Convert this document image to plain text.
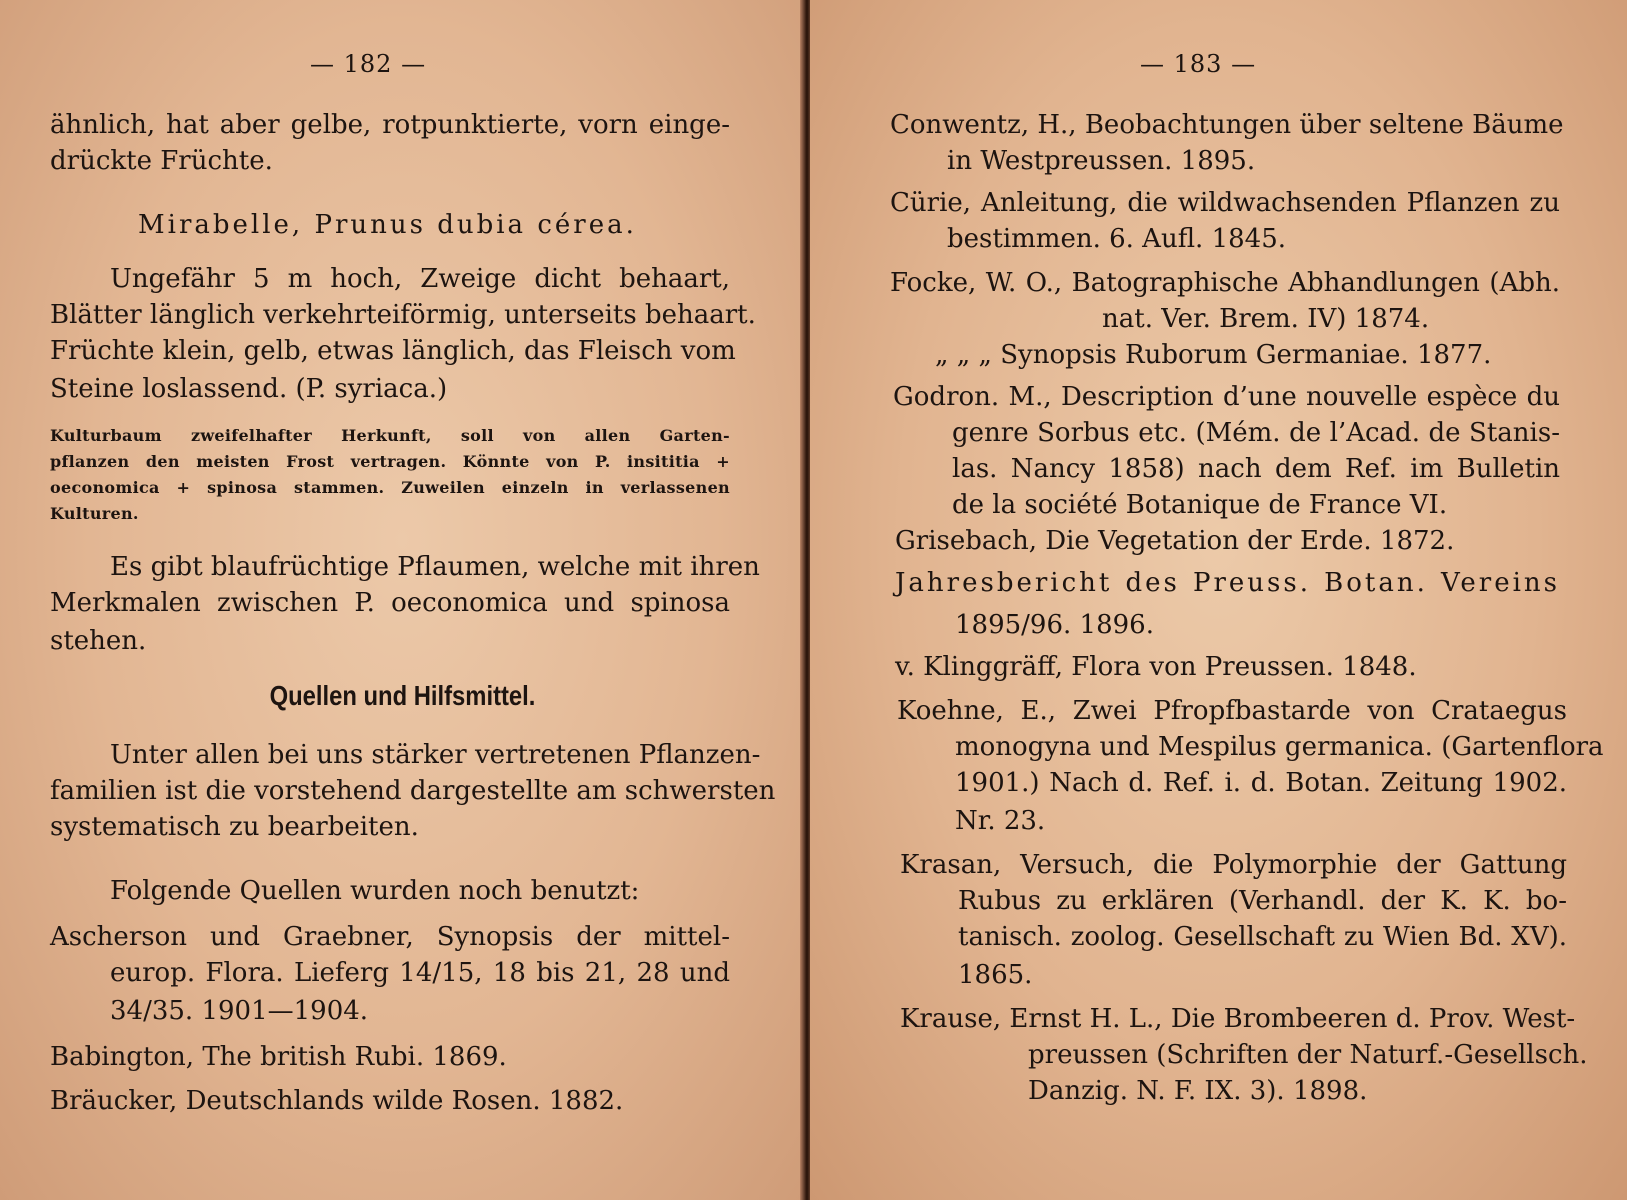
— 182 —
ähnlich, hat aber gelbe, rotpunktierte, vorn einge-
drückte Früchte.
Mirabelle, Prunus dubia cérea.
Ungefähr 5 m hoch, Zweige dicht behaart,
Blätter länglich verkehrteiförmig, unterseits behaart.
Früchte klein, gelb, etwas länglich, das Fleisch vom
Steine loslassend. (P. syriaca.)
Kulturbaum zweifelhafter Herkunft, soll von allen Garten-
pflanzen den meisten Frost vertragen. Könnte von P. insititia +
oeconomica + spinosa stammen. Zuweilen einzeln in verlassenen
Kulturen.
Es gibt blaufrüchtige Pflaumen, welche mit ihren
Merkmalen zwischen P. oeconomica und spinosa
stehen.
Quellen und Hilfsmittel.
Unter allen bei uns stärker vertretenen Pflanzen-
familien ist die vorstehend dargestellte am schwersten
systematisch zu bearbeiten.
Folgende Quellen wurden noch benutzt:
Ascherson und Graebner, Synopsis der mittel-
europ. Flora. Lieferg 14/15, 18 bis 21, 28 und
34/35. 1901—1904.
Babington, The british Rubi. 1869.
Bräucker, Deutschlands wilde Rosen. 1882.
— 183 —
Conwentz, H., Beobachtungen über seltene Bäume
in Westpreussen. 1895.
Cürie, Anleitung, die wildwachsenden Pflanzen zu
bestimmen. 6. Aufl. 1845.
Focke, W. O., Batographische Abhandlungen (Abh.
nat. Ver. Brem. IV) 1874.
„ „ „ Synopsis Ruborum Germaniae. 1877.
Godron. M., Description d’une nouvelle espèce du
genre Sorbus etc. (Mém. de l’Acad. de Stanis-
las. Nancy 1858) nach dem Ref. im Bulletin
de la société Botanique de France VI.
Grisebach, Die Vegetation der Erde. 1872.
Jahresbericht des Preuss. Botan. Vereins
1895/96. 1896.
v. Klinggräff, Flora von Preussen. 1848.
Koehne, E., Zwei Pfropfbastarde von Crataegus
monogyna und Mespilus germanica. (Gartenflora
1901.) Nach d. Ref. i. d. Botan. Zeitung 1902.
Nr. 23.
Krasan, Versuch, die Polymorphie der Gattung
Rubus zu erklären (Verhandl. der K. K. bo-
tanisch. zoolog. Gesellschaft zu Wien Bd. XV).
1865.
Krause, Ernst H. L., Die Brombeeren d. Prov. West-
preussen (Schriften der Naturf.-Gesellsch.
Danzig. N. F. IX. 3). 1898.
